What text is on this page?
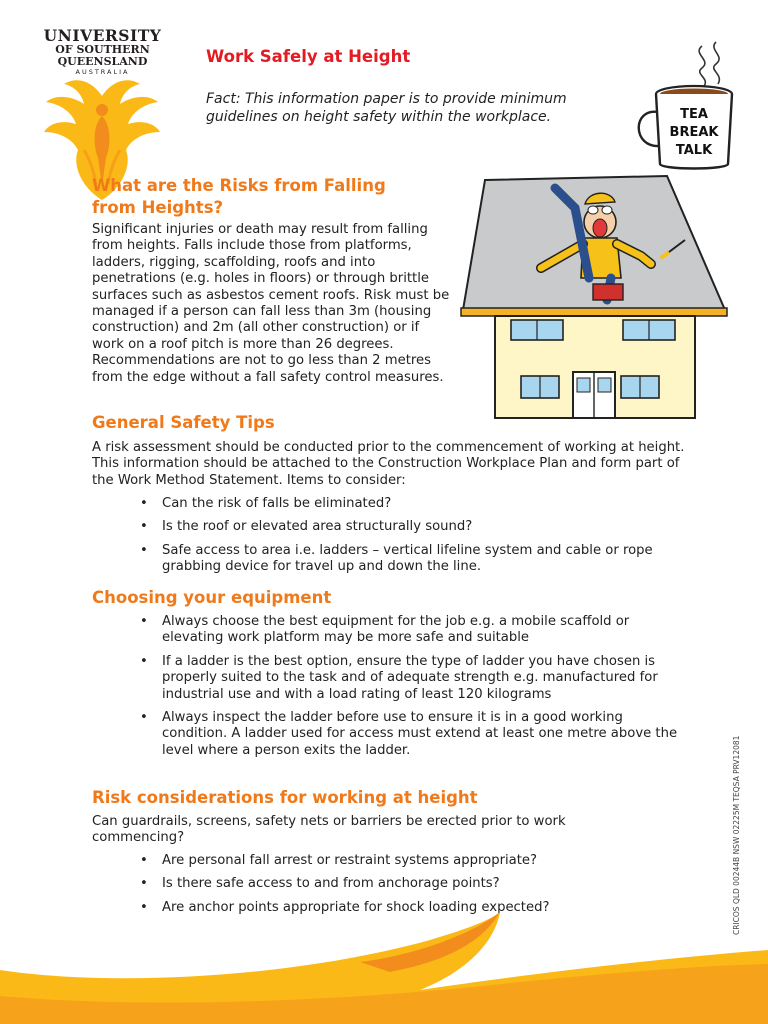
UNIVERSITY
OF SOUTHERN
QUEENSLAND
AUSTRALIA
Work Safely at Height
Fact: This information paper is to provide minimum guidelines on height safety within the workplace.	TEA
BREAK
TALK
What are the Risks from Falling from Heights?
Significant injuries or death may result from falling from heights. Falls include those from platforms, ladders, rigging, scaffolding, roofs and into penetrations (e.g. holes in floors) or through brittle surfaces such as asbestos cement roofs. Risk must be managed if a person can fall less than 3m (housing construction) and 2m (all other construction) or if work on a roof pitch is more than 26 degrees. Recommendations are not to go less than 2 metres from the edge without a fall safety control measures.
General Safety Tips
A risk assessment should be conducted prior to the commencement of working at height. This information should be attached to the Construction Workplace Plan and form part of the Work Method Statement. Items to consider:
• Can the risk of falls be eliminated?
• Is the roof or elevated area structurally sound?
• Safe access to area i.e. ladders – vertical lifeline system and cable or rope grabbing device for travel up and down the line.
Choosing your equipment
• Always choose the best equipment for the job e.g. a mobile scaffold or elevating work platform may be more safe and suitable
• If a ladder is the best option, ensure the type of ladder you have chosen is properly suited to the task and of adequate strength e.g. manufactured for industrial use and with a load rating of least 120 kilograms
• Always inspect the ladder before use to ensure it is in a good working condition. A ladder used for access must extend at least one metre above the level where a person exits the ladder.
Risk considerations for working at height
Can guardrails, screens, safety nets or barriers be erected prior to work commencing?
• Are personal fall arrest or restraint systems appropriate?
• Is there safe access to and from anchorage points?
• Are anchor points appropriate for shock loading expected?	CRICOS QLD 00244B NSW 02225M TEQSA PRV12081
